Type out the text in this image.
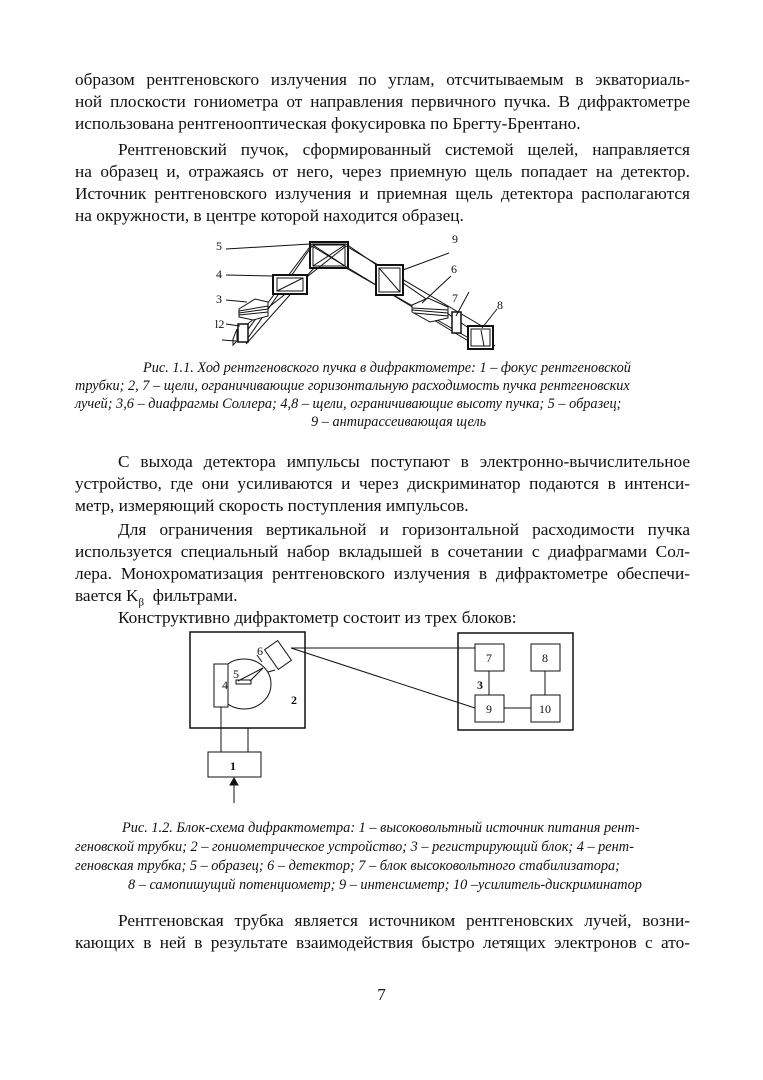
образом рентгеновского излучения по углам, отсчитываемым в экваториаль-
ной плоскости гониометра от направления первичного пучка. В дифрактометре
использована рентгенооптическая фокусировка по Брегту-Брентано.
Рентгеновский пучок, сформированный системой щелей, направляется
на образец и, отражаясь от него, через приемную щель попадает на детектор.
Источник рентгеновского излучения и приемная щель детектора располагаются
на окружности, в центре которой находится образец.
5
4
3
l2
9
6
7	8
1
2
3
4
5
6	7	8
9	10
Рис. 1.1. Ход рентгеновского пучка в дифрактометре: 1 – фокус рентгеновской
трубки; 2, 7 – щели, ограничивающие горизонтальную расходимость пучка рентгеновских
лучей; 3,6 – диафрагмы Соллера; 4,8 – щели, ограничивающие высоту пучка; 5 – образец;
9 – антирассеивающая щель
С выхода детектора импульсы поступают в электронно-вычислительное
устройство, где они усиливаются и через дискриминатор подаются в интенси-
метр, измеряющий скорость поступления импульсов.
Для ограничения вертикальной и горизонтальной расходимости пучка
используется специальный набор вкладышей в сочетании с диафрагмами Сол-
лера. Монохроматизация рентгеновского излучения в дифрактометре обеспечи-
вается $K_\beta$  фильтрами.
Конструктивно дифрактометр состоит из трех блоков:
Рис. 1.2. Блок-схема дифрактометра: 1 – высоковольтный источник питания рент-
геновской трубки; 2 – гониометрическое устройство; 3 – регистрирующий блок; 4 – рент-
геновская трубка; 5 – образец; 6 – детектор; 7 – блок высоковольтного стабилизатора;
8 – самопишущий потенциометр; 9 – интенсиметр; 10 –усилитель-дискриминатор
Рентгеновская трубка является источником рентгеновских лучей, возни-
кающих в ней в результате взаимодействия быстро летящих электронов с ато-
7
